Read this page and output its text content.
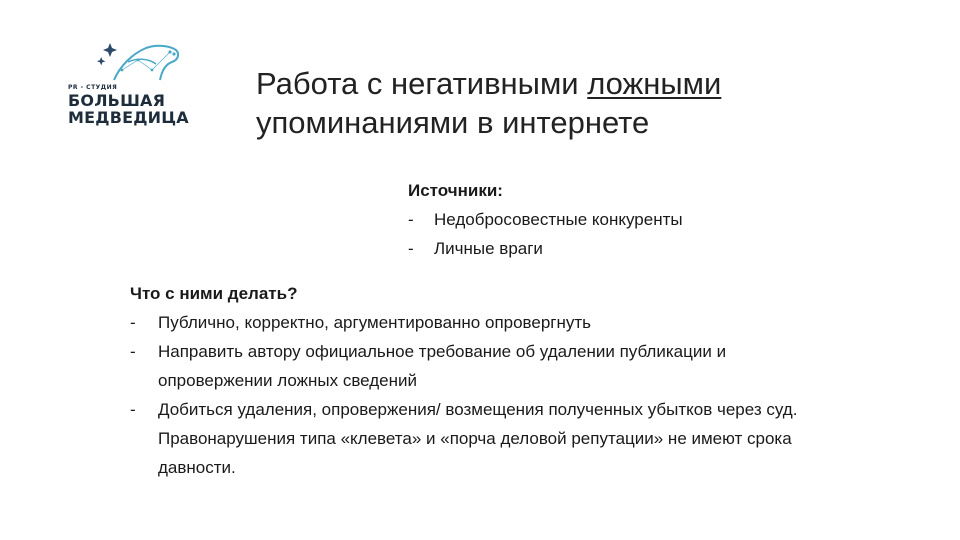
PR - СТУДИЯ
БОЛЬШАЯ
МЕДВЕДИЦА
Работа с негативными ложными
упоминаниями в интернете
Источники:
-	Недобросовестные конкуренты
-	Личные враги
Что с ними делать?
-	Публично, корректно, аргументированно опровергнуть
-	Направить автору официальное требование об удалении публикации и опровержении ложных сведений
-	Добиться удаления, опровержения/ возмещения полученных убытков через суд. Правонарушения типа «клевета» и «порча деловой репутации» не имеют срока давности.
